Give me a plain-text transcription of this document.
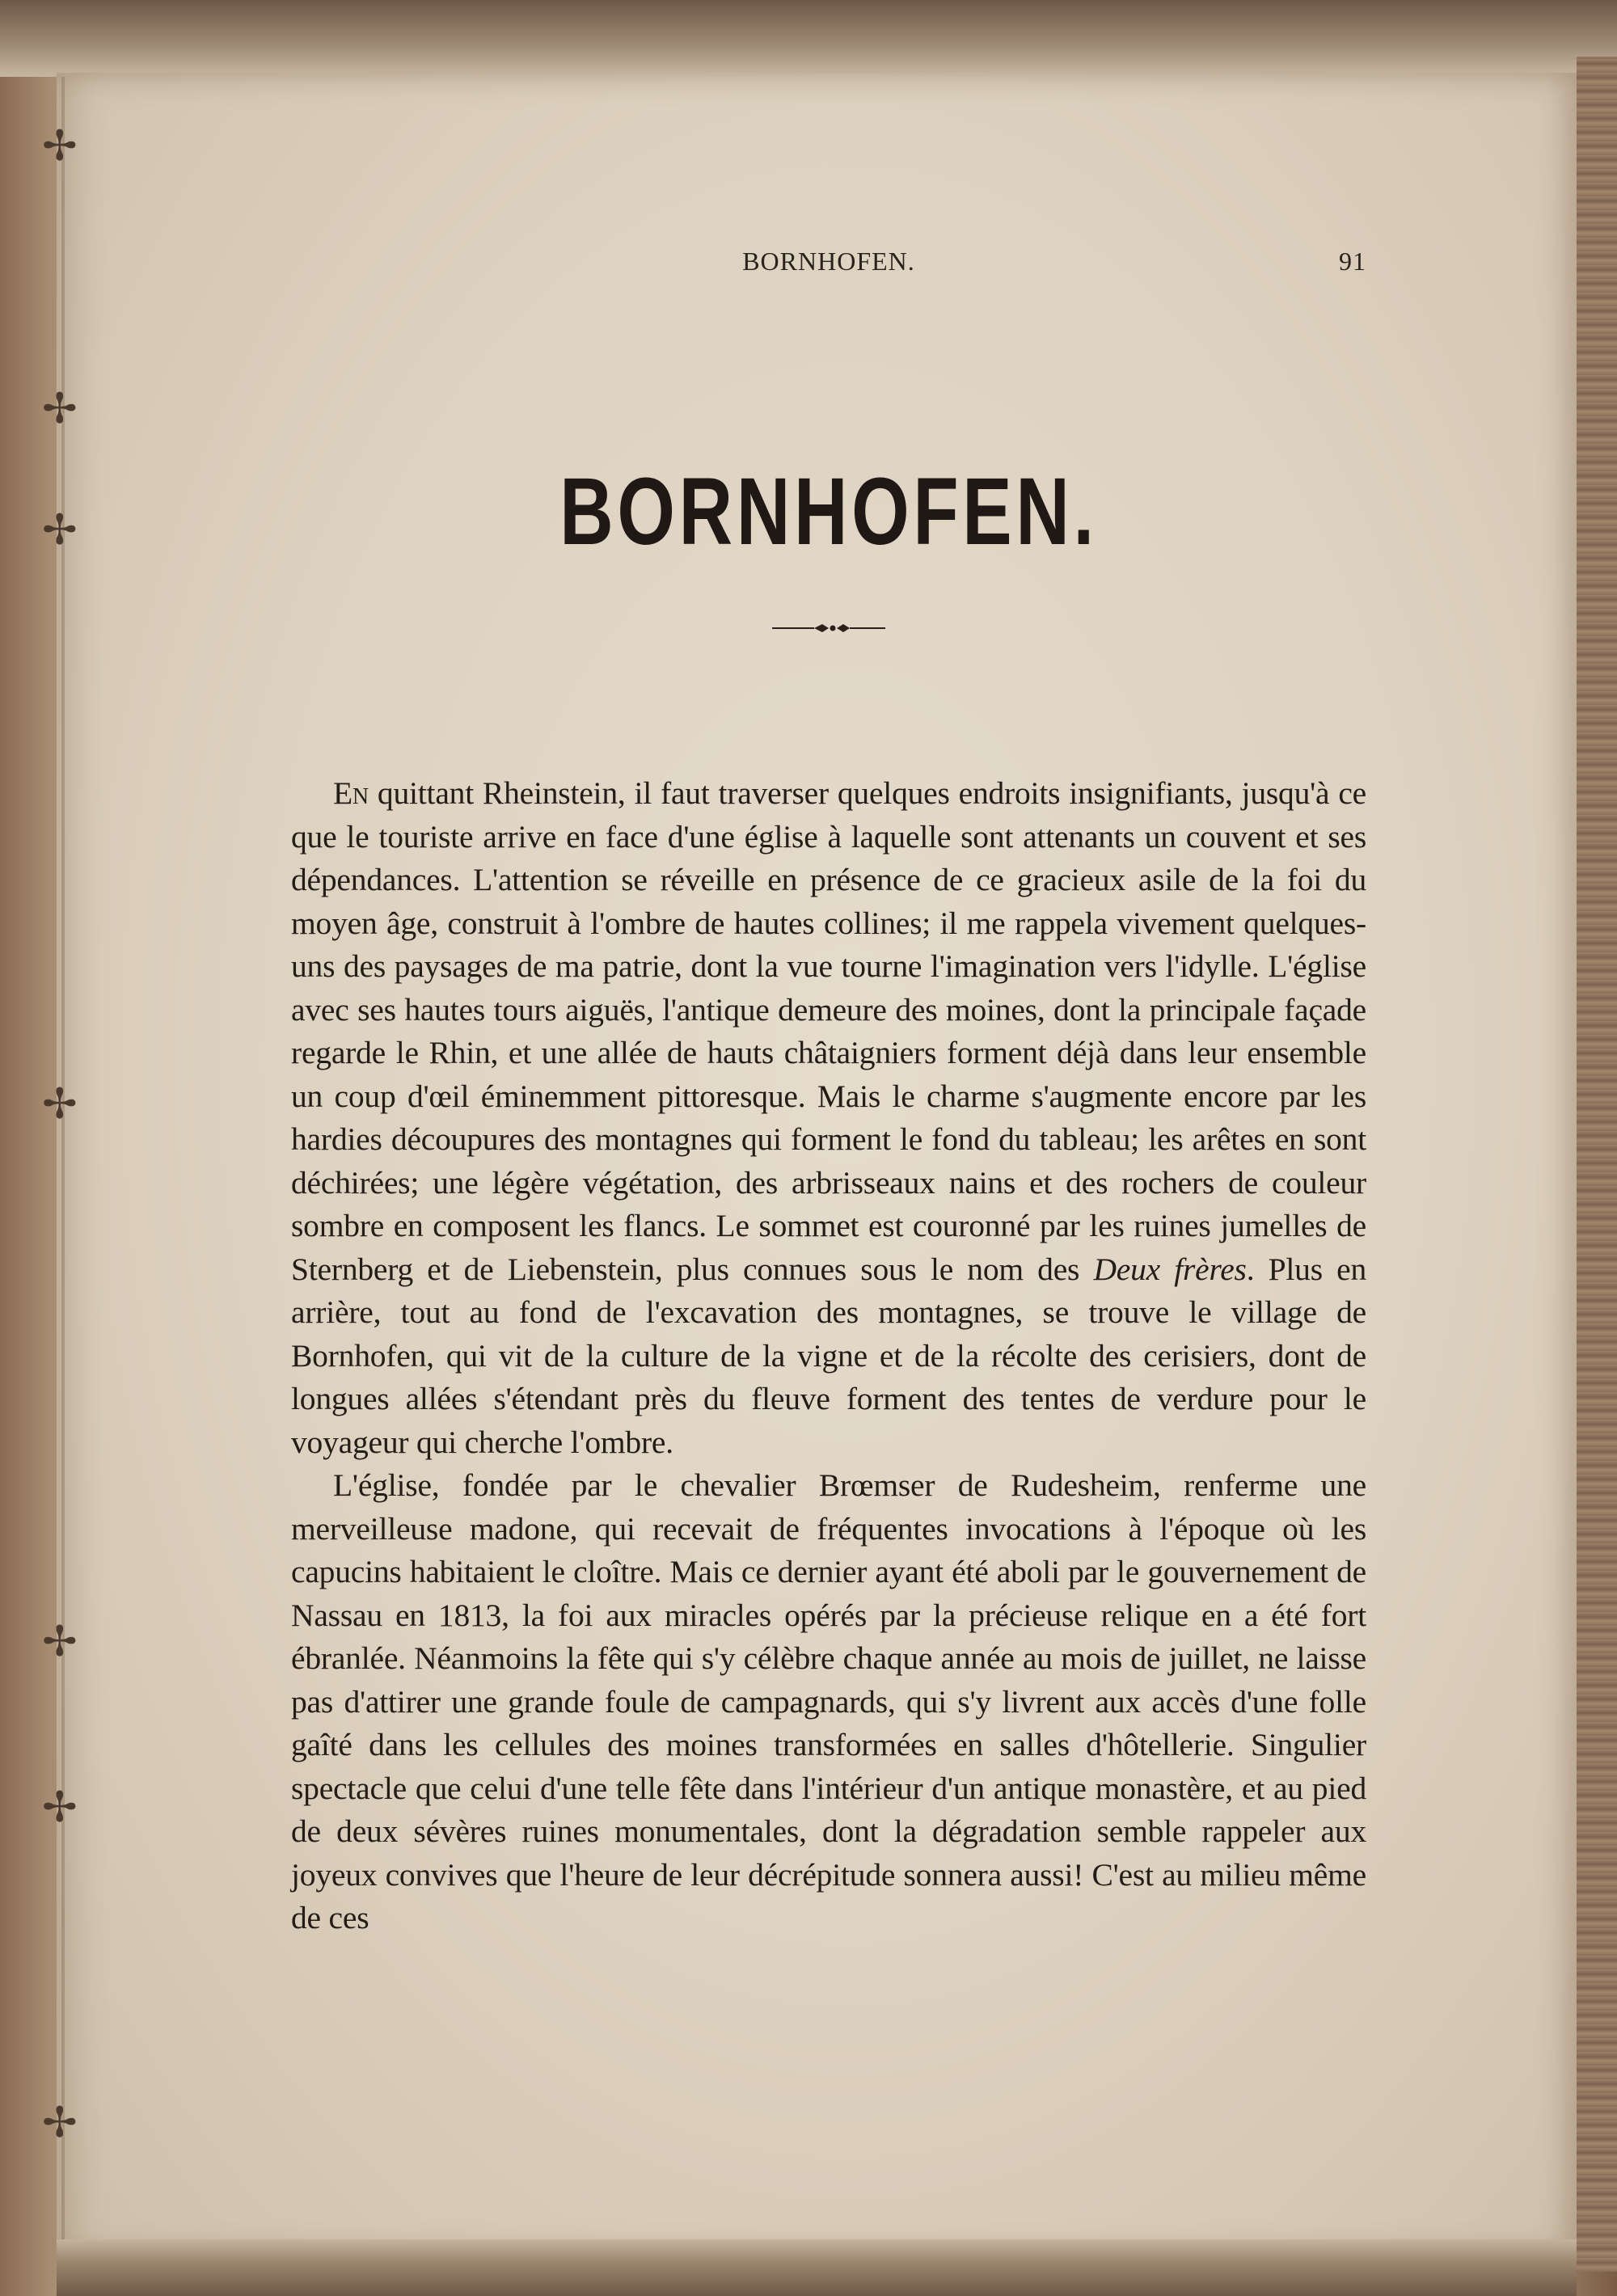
✢
✢
✢
✢
✢
✢
✢
BORNHOFEN.	91
BORNHOFEN.

En quittant Rheinstein, il faut traverser quelques endroits insignifiants, jusqu'à ce que le touriste arrive en face d'une église à laquelle sont attenants un couvent et ses dépendances. L'attention se réveille en présence de ce gracieux asile de la foi du moyen âge, construit à l'ombre de hautes collines; il me rappela vivement quelques-uns des paysages de ma patrie, dont la vue tourne l'imagination vers l'idylle. L'église avec ses hautes tours aiguës, l'antique demeure des moines, dont la principale façade regarde le Rhin, et une allée de hauts châtaigniers forment déjà dans leur ensemble un coup d'œil éminemment pittoresque. Mais le charme s'augmente encore par les hardies découpures des montagnes qui forment le fond du tableau; les arêtes en sont déchirées; une légère végétation, des arbrisseaux nains et des rochers de couleur sombre en composent les flancs. Le sommet est couronné par les ruines jumelles de Sternberg et de Liebenstein, plus connues sous le nom des Deux frères. Plus en arrière, tout au fond de l'excavation des montagnes, se trouve le village de Bornhofen, qui vit de la culture de la vigne et de la récolte des cerisiers, dont de longues allées s'étendant près du fleuve forment des tentes de verdure pour le voyageur qui cherche l'ombre.

L'église, fondée par le chevalier Brœmser de Rudesheim, renferme une merveilleuse madone, qui recevait de fréquentes invocations à l'époque où les capucins habitaient le cloître. Mais ce dernier ayant été aboli par le gouvernement de Nassau en 1813, la foi aux miracles opérés par la précieuse relique en a été fort ébranlée. Néanmoins la fête qui s'y célèbre chaque année au mois de juillet, ne laisse pas d'attirer une grande foule de campagnards, qui s'y livrent aux accès d'une folle gaîté dans les cellules des moines transformées en salles d'hôtellerie. Singulier spectacle que celui d'une telle fête dans l'intérieur d'un antique monastère, et au pied de deux sévères ruines monumentales, dont la dégradation semble rappeler aux joyeux convives que l'heure de leur décrépitude sonnera aussi! C'est au milieu même de ces
